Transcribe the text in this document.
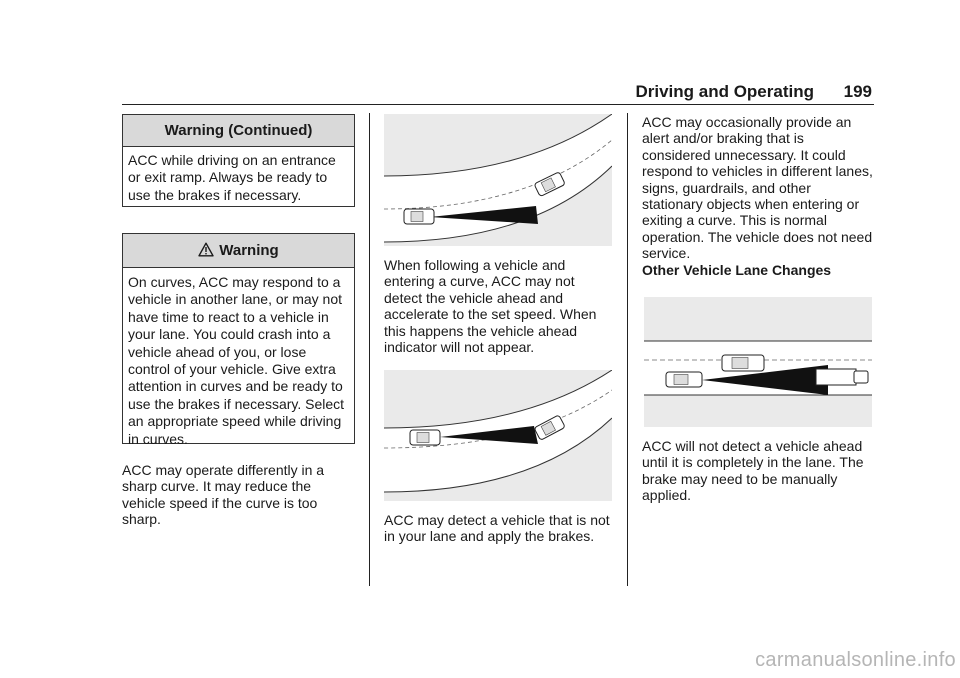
Driving and Operating 199
Warning (Continued)
ACC while driving on an entrance or exit ramp. Always be ready to use the brakes if necessary.
Warning
On curves, ACC may respond to a vehicle in another lane, or may not have time to react to a vehicle in your lane. You could crash into a vehicle ahead of you, or lose control of your vehicle. Give extra attention in curves and be ready to use the brakes if necessary. Select an appropriate speed while driving in curves.

ACC may operate differently in a sharp curve. It may reduce the vehicle speed if the curve is too sharp.

When following a vehicle and entering a curve, ACC may not detect the vehicle ahead and accelerate to the set speed. When this happens the vehicle ahead indicator will not appear.

ACC may detect a vehicle that is not in your lane and apply the brakes.

ACC may occasionally provide an alert and/or braking that is considered unnecessary. It could respond to vehicles in different lanes, signs, guardrails, and other stationary objects when entering or exiting a curve. This is normal operation. The vehicle does not need service.

Other Vehicle Lane Changes

ACC will not detect a vehicle ahead until it is completely in the lane. The brake may need to be manually applied.

carmanualsonline.info
